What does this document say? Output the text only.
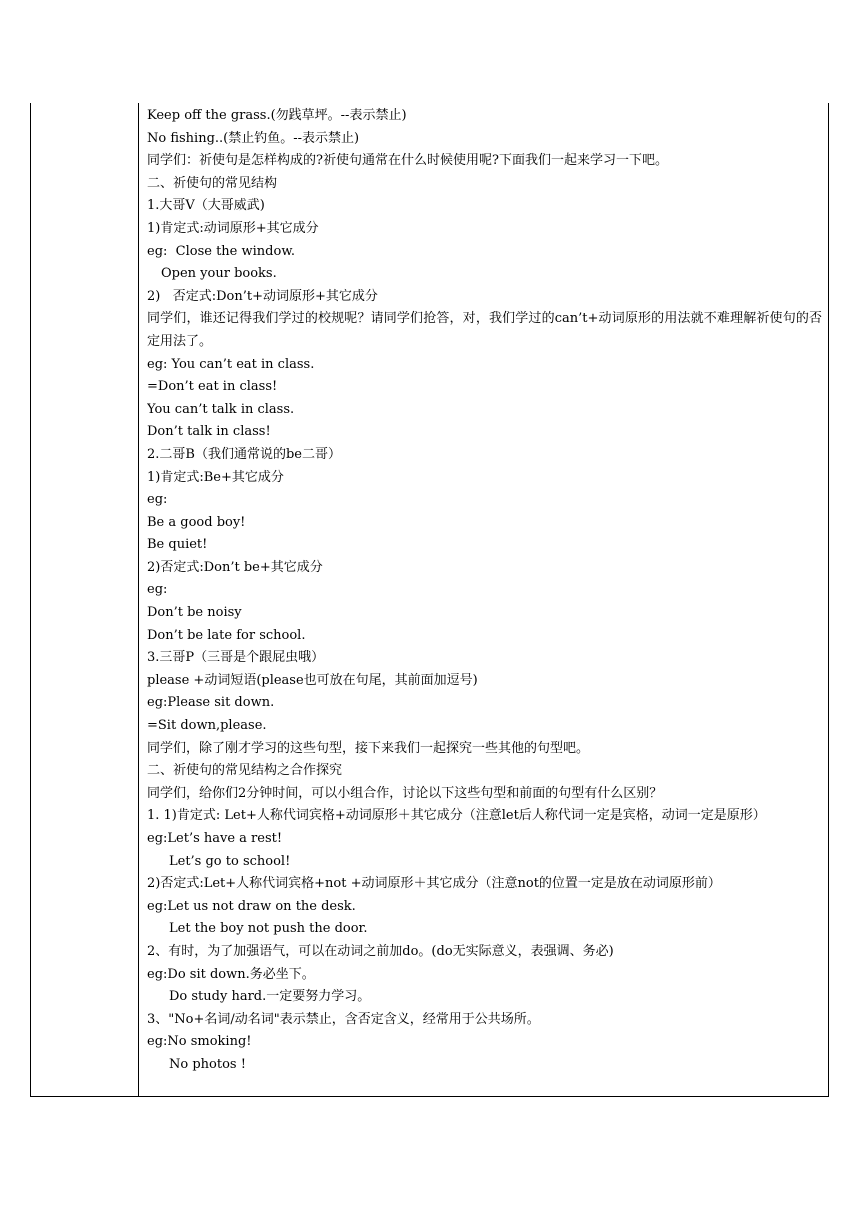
Keep off the grass.(勿践草坪。--表示禁止)
No fishing..(禁止钓鱼。--表示禁止)
同学们：祈使句是怎样构成的?祈使句通常在什么时候使用呢?下面我们一起来学习一下吧。
二、祈使句的常见结构
1.大哥V（大哥威武)
1)肯定式:动词原形+其它成分
eg:  Close the window.
Open your books.
2)   否定式:Don’t+动词原形+其它成分
同学们，谁还记得我们学过的校规呢？请同学们抢答，对，我们学过的can’t+动词原形的用法就不难理解祈使句的否定用法了。
eg: You can’t eat in class.
=Don’t eat in class!
You can’t talk in class.
Don’t talk in class!
2.二哥B（我们通常说的be二哥）
1)肯定式:Be+其它成分
eg:
Be a good boy!
Be quiet!
2)否定式:Don’t be+其它成分
eg:
Don’t be noisy
Don’t be late for school.
3.三哥P（三哥是个跟屁虫哦）
please +动词短语(please也可放在句尾，其前面加逗号)
eg:Please sit down.
=Sit down,please.
同学们，除了刚才学习的这些句型，接下来我们一起探究一些其他的句型吧。
二、祈使句的常见结构之合作探究
同学们，给你们2分钟时间，可以小组合作，讨论以下这些句型和前面的句型有什么区别？
1. 1)肯定式: Let+人称代词宾格+动词原形＋其它成分（注意let后人称代词一定是宾格，动词一定是原形）
eg:Let’s have a rest!
Let’s go to school!
2)否定式:Let+人称代词宾格+not +动词原形＋其它成分（注意not的位置一定是放在动词原形前）
eg:Let us not draw on the desk.
Let the boy not push the door.
2、有时，为了加强语气，可以在动词之前加do。(do无实际意义，表强调、务必)
eg:Do sit down.务必坐下。
Do study hard.一定要努力学习。
3、"No+名词/动名词"表示禁止，含否定含义，经常用于公共场所。
eg:No smoking!
No photos !
